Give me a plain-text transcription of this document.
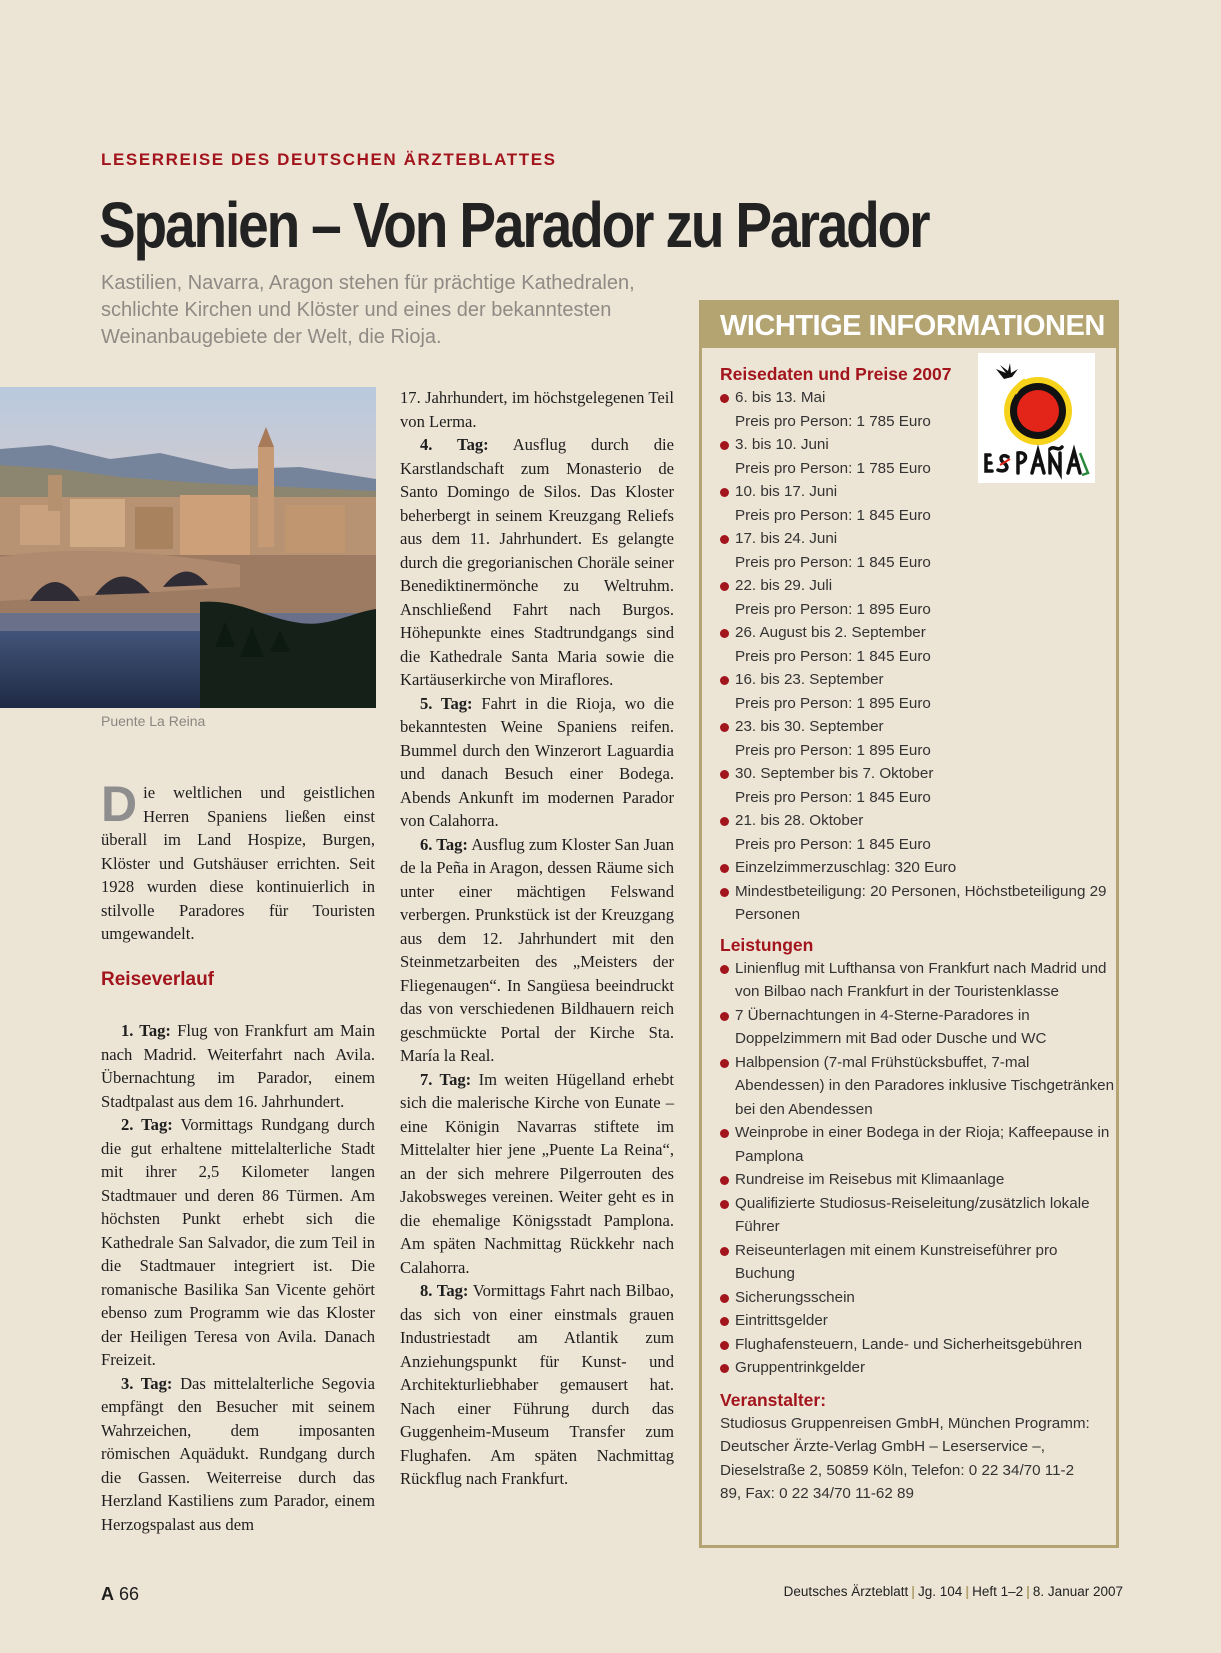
LESERREISE DES DEUTSCHEN ÄRZTEBLATTES
Spanien – Von Parador zu Parador

Kastilien, Navarra, Aragon stehen für prächtige Kathedralen, schlichte Kirchen und Klöster und eines der bekanntesten Weinanbaugebiete der Welt, die Rioja.

Puente La Reina

Die weltlichen und geistlichen Herren Spaniens ließen einst überall im Land Hospize, Burgen, Klöster und Gutshäuser errichten. Seit 1928 wurden diese kontinuierlich in stilvolle Paradores für Touristen umgewandelt.

Reiseverlauf

1. Tag: Flug von Frankfurt am Main nach Madrid. Weiterfahrt nach Avila. Übernachtung im Parador, einem Stadtpalast aus dem 16. Jahrhundert.

2. Tag: Vormittags Rundgang durch die gut erhaltene mittelalterliche Stadt mit ihrer 2,5 Kilometer langen Stadtmauer und deren 86 Türmen. Am höchsten Punkt erhebt sich die Kathedrale San Salvador, die zum Teil in die Stadtmauer integriert ist. Die romanische Basilika San Vicente gehört ebenso zum Programm wie das Kloster der Heiligen Teresa von Avila. Danach Freizeit.

3. Tag: Das mittelalterliche Segovia empfängt den Besucher mit seinem Wahrzeichen, dem imposanten römischen Aquädukt. Rundgang durch die Gassen. Weiterreise durch das Herzland Kastiliens zum Parador, einem Herzogspalast aus dem

17. Jahrhundert, im höchstgelegenen Teil von Lerma.

4. Tag: Ausflug durch die Karstlandschaft zum Monasterio de Santo Domingo de Silos. Das Kloster beherbergt in seinem Kreuzgang Reliefs aus dem 11. Jahrhundert. Es gelangte durch die gregorianischen Choräle seiner Benediktinermönche zu Weltruhm. Anschließend Fahrt nach Burgos. Höhepunkte eines Stadtrundgangs sind die Kathedrale Santa Maria sowie die Kartäuserkirche von Miraflores.

5. Tag: Fahrt in die Rioja, wo die bekanntesten Weine Spaniens reifen. Bummel durch den Winzerort Laguardia und danach Besuch einer Bodega. Abends Ankunft im modernen Parador von Calahorra.

6. Tag: Ausflug zum Kloster San Juan de la Peña in Aragon, dessen Räume sich unter einer mächtigen Felswand verbergen. Prunkstück ist der Kreuzgang aus dem 12. Jahrhundert mit den Steinmetzarbeiten des „Meisters der Fliegenaugen“. In Sangüesa beeindruckt das von verschiedenen Bildhauern reich geschmückte Portal der Kirche Sta. María la Real.

7. Tag: Im weiten Hügelland erhebt sich die malerische Kirche von Eunate – eine Königin Navarras stiftete im Mittelalter hier jene „Puente La Reina“, an der sich mehrere Pilgerrouten des Jakobsweges vereinen. Weiter geht es in die ehemalige Königsstadt Pamplona. Am späten Nachmittag Rückkehr nach Calahorra.

8. Tag: Vormittags Fahrt nach Bilbao, das sich von einer einstmals grauen Industriestadt am Atlantik zum Anziehungspunkt für Kunst- und Architekturliebhaber gemausert hat. Nach einer Führung durch das Guggenheim-Museum Transfer zum Flughafen. Am späten Nachmittag Rückflug nach Frankfurt.

WICHTIGE INFORMATIONEN
Reisedaten und Preise 2007
6. bis 13. Mai
Preis pro Person: 1 785 Euro
3. bis 10. Juni
Preis pro Person: 1 785 Euro
10. bis 17. Juni
Preis pro Person: 1 845 Euro
17. bis 24. Juni
Preis pro Person: 1 845 Euro
22. bis 29. Juli
Preis pro Person: 1 895 Euro
26. August bis 2. September
Preis pro Person: 1 845 Euro
16. bis 23. September
Preis pro Person: 1 895 Euro
23. bis 30. September
Preis pro Person: 1 895 Euro
30. September bis 7. Oktober
Preis pro Person: 1 845 Euro
21. bis 28. Oktober
Preis pro Person: 1 845 Euro
Einzelzimmerzuschlag: 320 Euro
Mindestbeteiligung: 20 Personen, Höchstbeteiligung 29 Personen
Leistungen
Linienflug mit Lufthansa von Frankfurt nach Madrid und von Bilbao nach Frankfurt in der Touristenklasse
7 Übernachtungen in 4-Sterne-Paradores in Doppelzimmern mit Bad oder Dusche und WC
Halbpension (7-mal Frühstücksbuffet, 7-mal Abendessen) in den Paradores inklusive Tischgetränken bei den Abendessen
Weinprobe in einer Bodega in der Rioja; Kaffeepause in Pamplona
Rundreise im Reisebus mit Klimaanlage
Qualifizierte Studiosus-Reiseleitung/zusätzlich lokale Führer
Reiseunterlagen mit einem Kunstreiseführer pro Buchung
Sicherungsschein
Eintrittsgelder
Flughafensteuern, Lande- und Sicherheitsgebühren
Gruppentrinkgelder
Veranstalter:
Studiosus Gruppenreisen GmbH, München Programm: Deutscher Ärzte-Verlag GmbH – Leserservice –, Dieselstraße 2, 50859 Köln, Telefon: 0 22 34/70 11-2 89, Fax: 0 22 34/70 11-62 89
A 66	Deutsches Ärzteblatt | Jg. 104 | Heft 1–2 | 8. Januar 2007
